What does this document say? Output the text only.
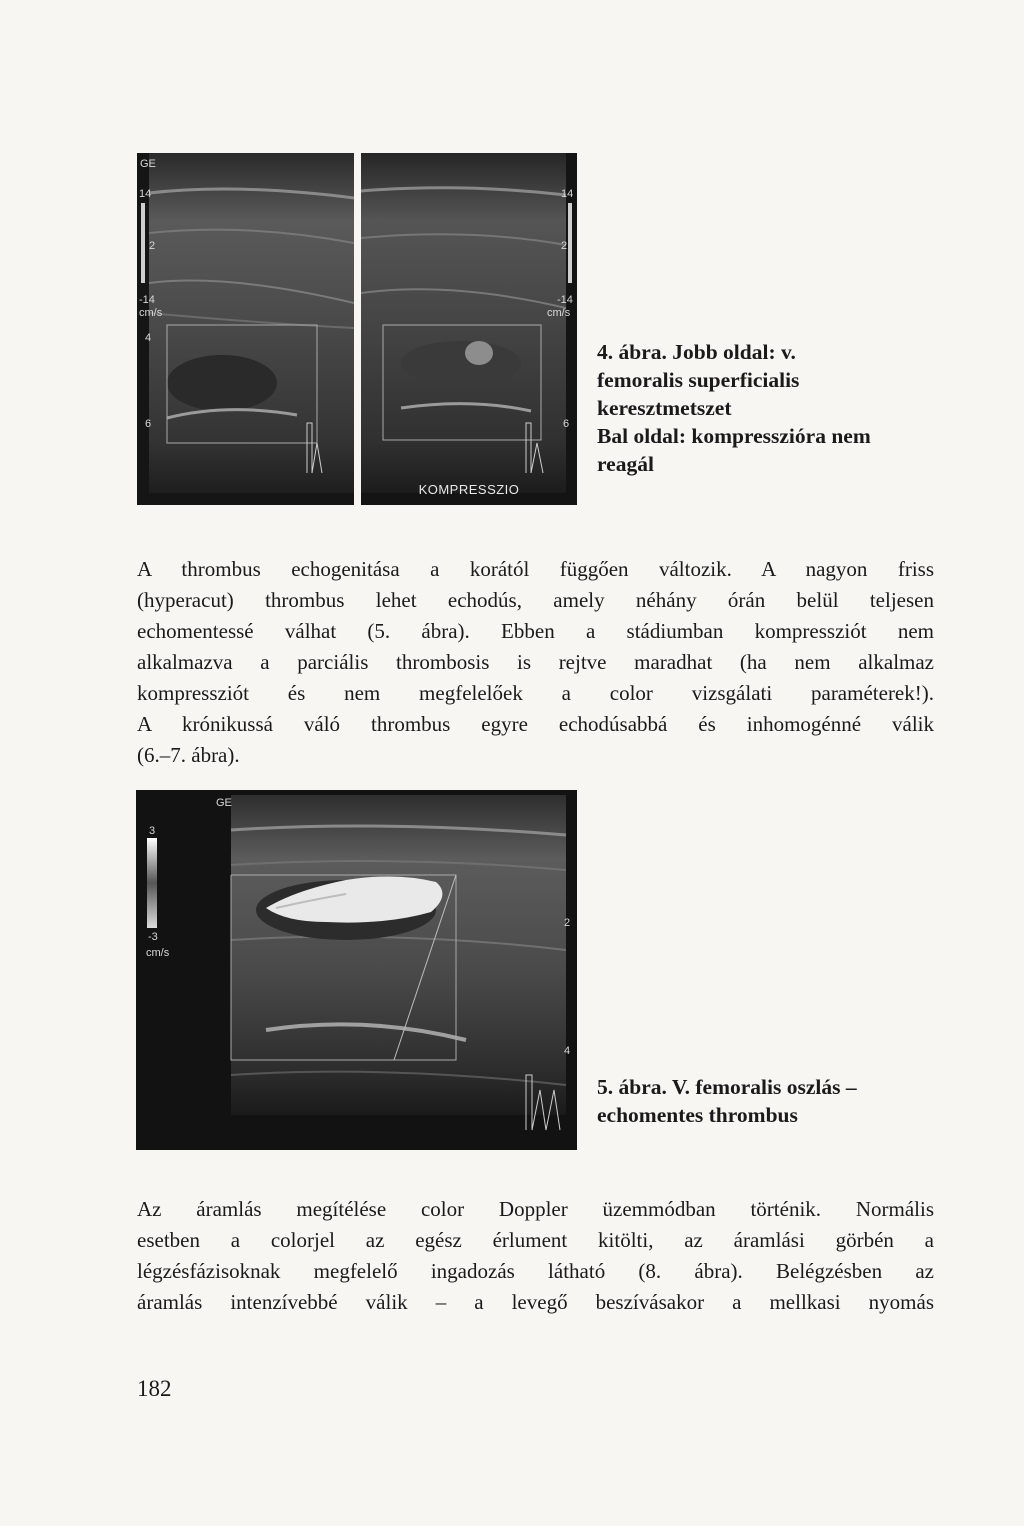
GE
14
2
-14
cm/s
4
6
14
2
-14
cm/s
6
KOMPRESSZIO
4. ábra. Jobb oldal: v.
femoralis superficialis
keresztmetszet
Bal oldal: kompresszióra nem
reagál
A thrombus echogenitása a korától függően változik. A nagyon friss
(hyperacut) thrombus lehet echodús, amely néhány órán belül teljesen
echomentessé válhat (5. ábra). Ebben a stádiumban kompressziót nem
alkalmazva a parciális thrombosis is rejtve maradhat (ha nem alkalmaz
kompressziót és nem megfelelőek a color vizsgálati paraméterek!).
A krónikussá váló thrombus egyre echodúsabbá és inhomogénné válik
(6.–7. ábra).
GE
3
-3
cm/s
2
4
5. ábra. V. femoralis oszlás –
echomentes thrombus
Az áramlás megítélése color Doppler üzemmódban történik. Normális
esetben a colorjel az egész érlument kitölti, az áramlási görbén a
légzésfázisoknak megfelelő ingadozás látható (8. ábra). Belégzésben az
áramlás intenzívebbé válik – a levegő beszívásakor a mellkasi nyomás
182
